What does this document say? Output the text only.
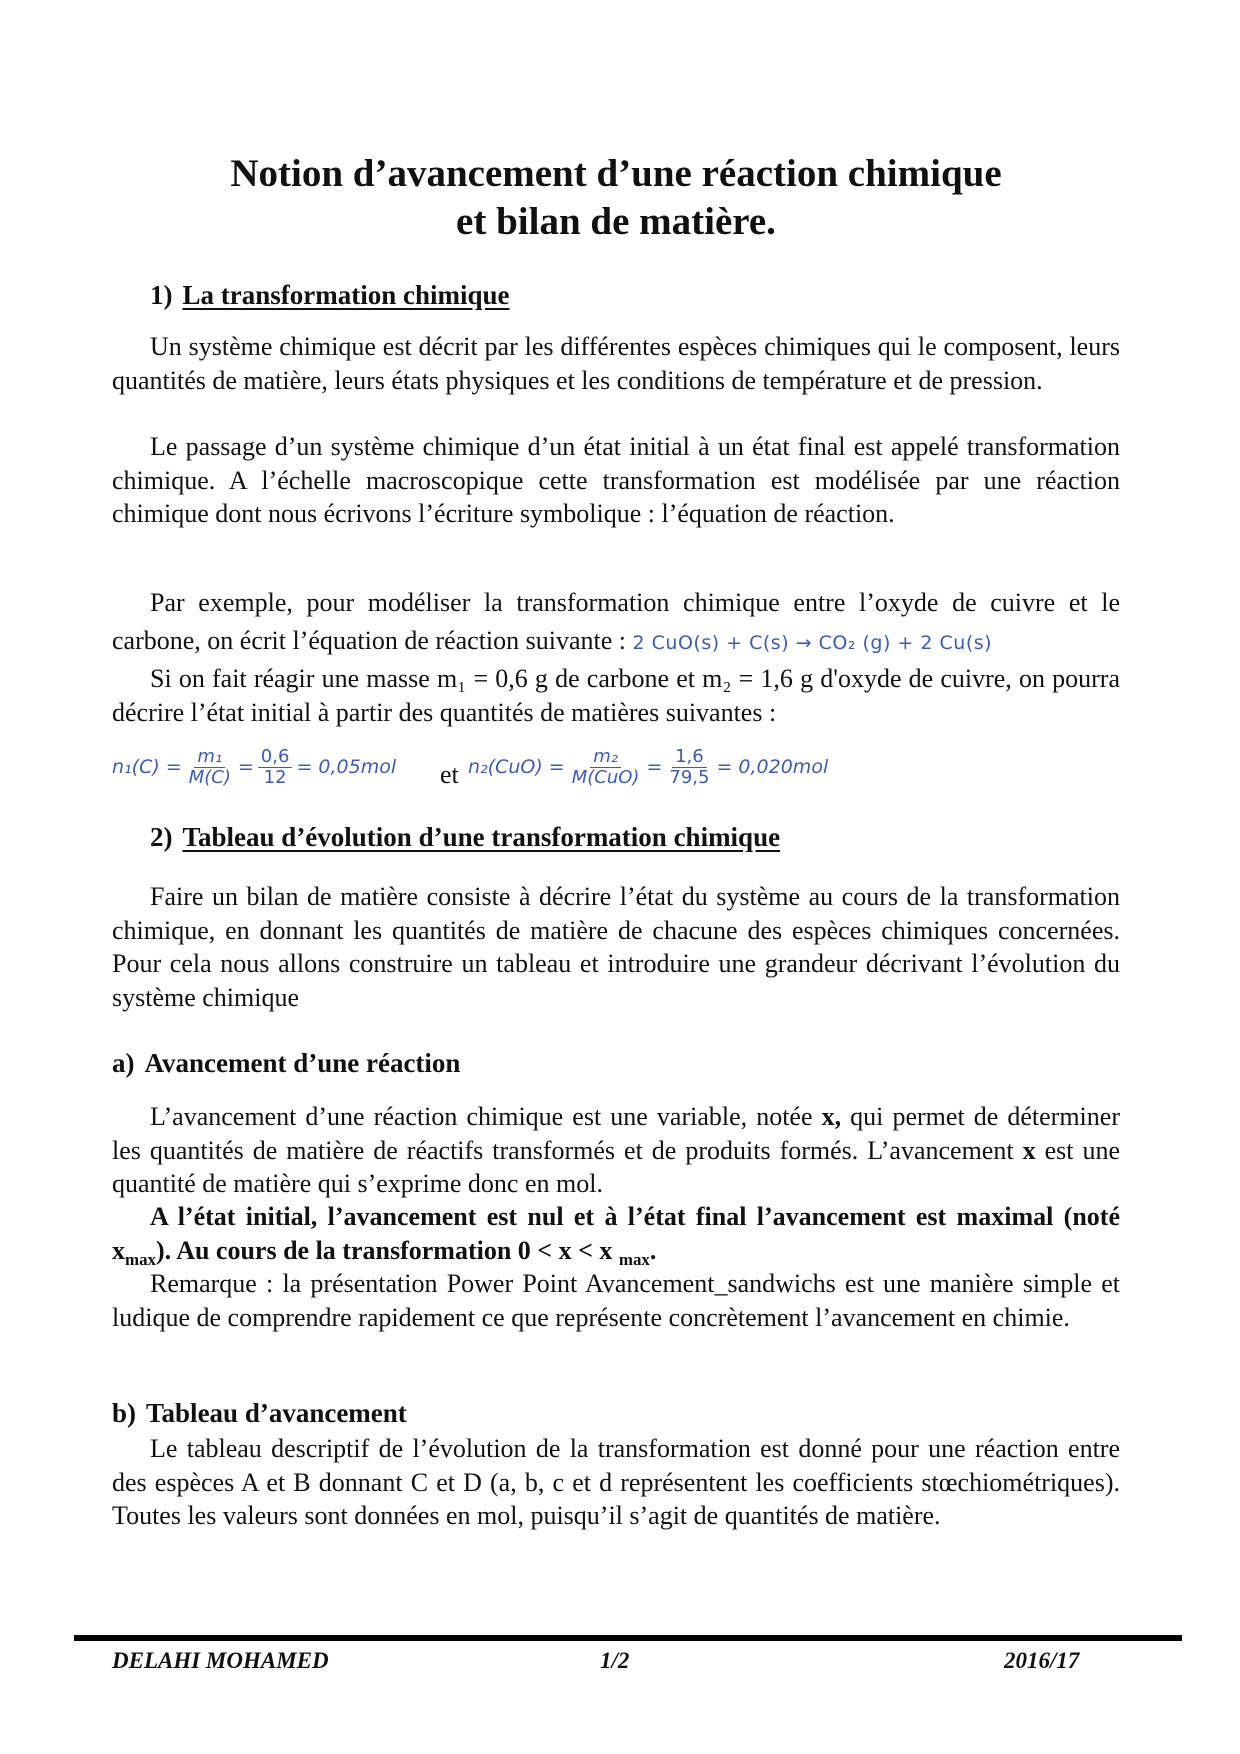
Notion d’avancement d’une réaction chimique
et bilan de matière.
1) La transformation chimique

Un système chimique est décrit par les différentes espèces chimiques qui le composent, leurs quantités de matière, leurs états physiques et les conditions de température et de pression.

Le passage d’un système chimique d’un état initial à un état final est appelé transformation chimique. A l’échelle macroscopique cette transformation est modélisée par une réaction chimique dont nous écrivons l’écriture symbolique : l’équation de réaction.

Par exemple, pour modéliser la transformation chimique entre l’oxyde de cuivre et le carbone, on écrit l’équation de réaction suivante : 2 CuO(s) + C(s) → CO₂ (g) + 2 Cu(s)

Si on fait réagir une masse m₁ = 0,6 g de carbone et m₂ = 1,6 g d'oxyde de cuivre, on pourra décrire l’état initial à partir des quantités de matières suivantes :

$n_1(C) = \frac{\text{m₁}}{M(C)} = \frac{0,6}{12} = 0,05mol$ et $n_2(CuO) = \frac{\text{m₂}}{\text{M(CuO)}} = \frac{1,6}{79,5} = 0,020mol$
2) Tableau d’évolution d’une transformation chimique

Faire un bilan de matière consiste à décrire l’état du système au cours de la transformation chimique, en donnant les quantités de matière de chacune des espèces chimiques concernées. Pour cela nous allons construire un tableau et introduire une grandeur décrivant l’évolution du système chimique

a) Avancement d’une réaction

L’avancement d’une réaction chimique est une variable, notée x, qui permet de déterminer les quantités de matière de réactifs transformés et de produits formés. L’avancement x est une quantité de matière qui s’exprime donc en mol.

A l’état initial, l’avancement est nul et à l’état final l’avancement est maximal (noté $x_{max}$). Au cours de la transformation 0 < x < x $_{max}$.

Remarque : la présentation Power Point Avancement_sandwichs est une manière simple et ludique de comprendre rapidement ce que représente concrètement l’avancement en chimie.

b) Tableau d’avancement

Le tableau descriptif de l’évolution de la transformation est donné pour une réaction entre des espèces A et B donnant C et D (a, b, c et d représentent les coefficients stœchiométriques). Toutes les valeurs sont données en mol, puisqu’il s’agit de quantités de matière.

DELAHI MOHAMED	1/2	2016/17
